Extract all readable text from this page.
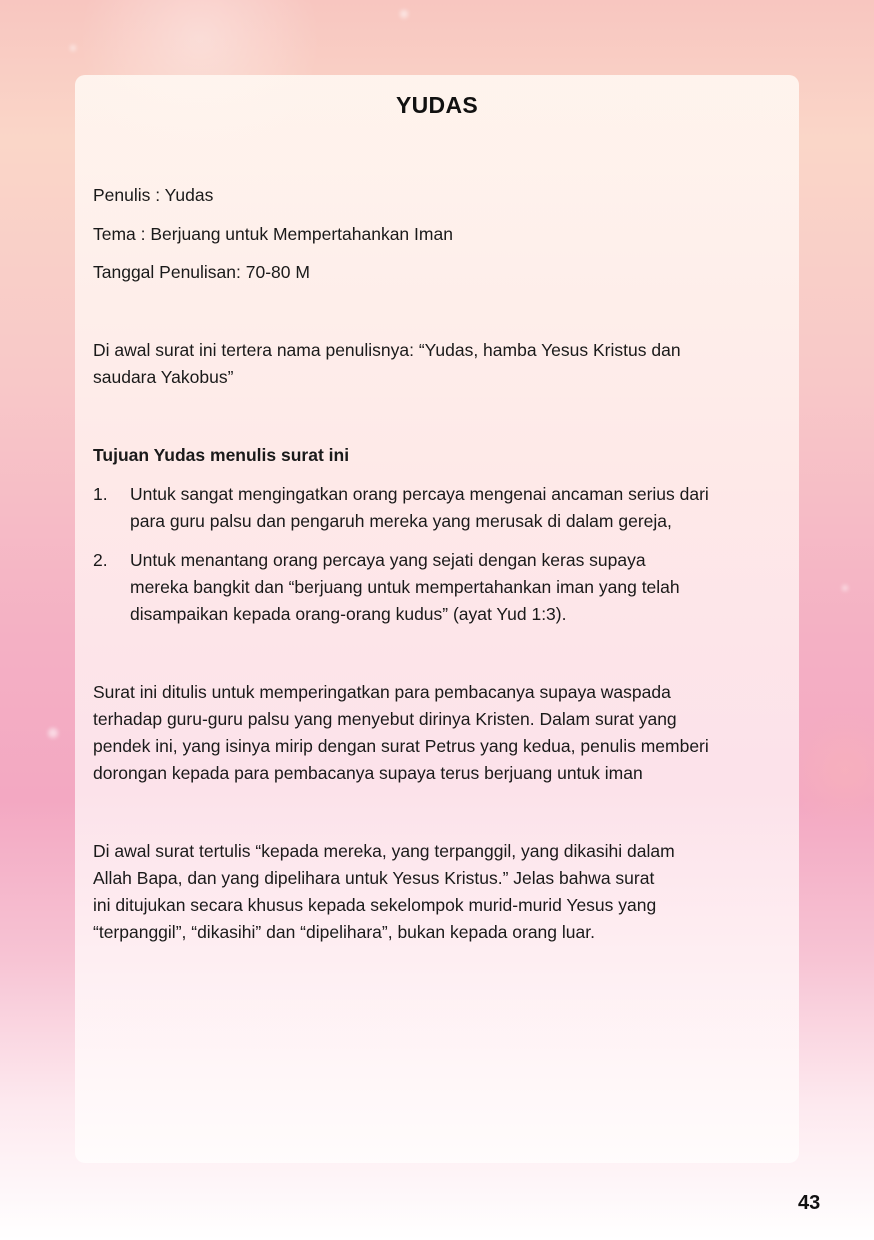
YUDAS
Penulis : Yudas
Tema : Berjuang untuk Mempertahankan Iman
Tanggal Penulisan: 70-80 M
Di awal surat ini tertera nama penulisnya: “Yudas, hamba Yesus Kristus dan
saudara Yakobus”
Tujuan Yudas menulis surat ini
1. Untuk sangat mengingatkan orang percaya mengenai ancaman serius dari
para guru palsu dan pengaruh mereka yang merusak di dalam gereja,
2. Untuk menantang orang percaya yang sejati dengan keras supaya
mereka bangkit dan “berjuang untuk mempertahankan iman yang telah
disampaikan kepada orang-orang kudus” (ayat Yud 1:3).
Surat ini ditulis untuk memperingatkan para pembacanya supaya waspada
terhadap guru-guru palsu yang menyebut dirinya Kristen. Dalam surat yang
pendek ini, yang isinya mirip dengan surat Petrus yang kedua, penulis memberi
dorongan kepada para pembacanya supaya terus berjuang untuk iman
Di awal surat tertulis “kepada mereka, yang terpanggil, yang dikasihi dalam
Allah Bapa, dan yang dipelihara untuk Yesus Kristus.” Jelas bahwa surat
ini ditujukan secara khusus kepada sekelompok murid-murid Yesus yang
“terpanggil”, “dikasihi” dan “dipelihara”, bukan kepada orang luar.
43
